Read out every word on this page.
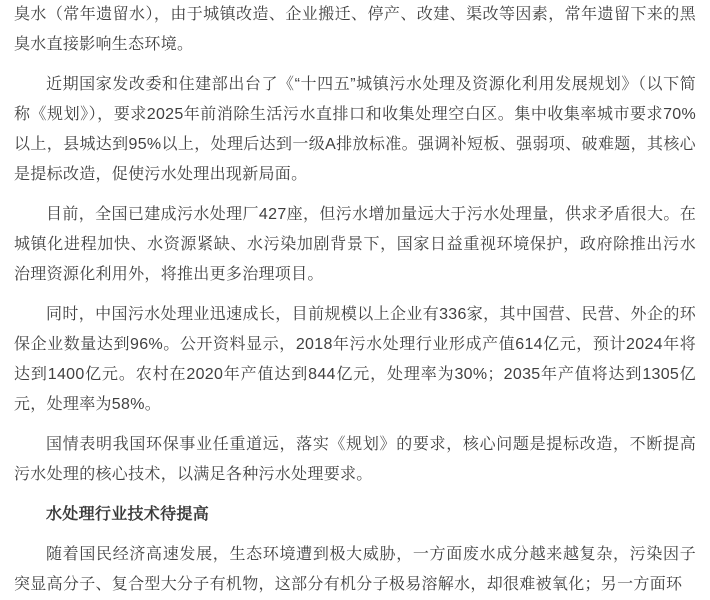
臭水（常年遗留水），由于城镇改造、企业搬迁、停产、改建、渠改等因素，常年遗留下来的黑臭水直接影响生态环境。

近期国家发改委和住建部出台了《“十四五”城镇污水处理及资源化利用发展规划》（以下简称《规划》），要求2025年前消除生活污水直排口和收集处理空白区。集中收集率城市要求70%以上，县城达到95%以上，处理后达到一级A排放标准。强调补短板、强弱项、破难题，其核心是提标改造，促使污水处理出现新局面。

目前，全国已建成污水处理厂427座，但污水增加量远大于污水处理量，供求矛盾很大。在城镇化进程加快、水资源紧缺、水污染加剧背景下，国家日益重视环境保护，政府除推出污水治理资源化利用外，将推出更多治理项目。

同时，中国污水处理业迅速成长，目前规模以上企业有336家，其中国营、民营、外企的环保企业数量达到96%。公开资料显示，2018年污水处理行业形成产值614亿元，预计2024年将达到1400亿元。农村在2020年产值达到844亿元，处理率为30%；2035年产值将达到1305亿元，处理率为58%。

国情表明我国环保事业任重道远，落实《规划》的要求，核心问题是提标改造，不断提高污水处理的核心技术，以满足各种污水处理要求。

水处理行业技术待提高

随着国民经济高速发展，生态环境遭到极大威胁，一方面废水成分越来越复杂，污染因子突显高分子、复合型大分子有机物，这部分有机分子极易溶解水，却很难被氧化；另一方面环
